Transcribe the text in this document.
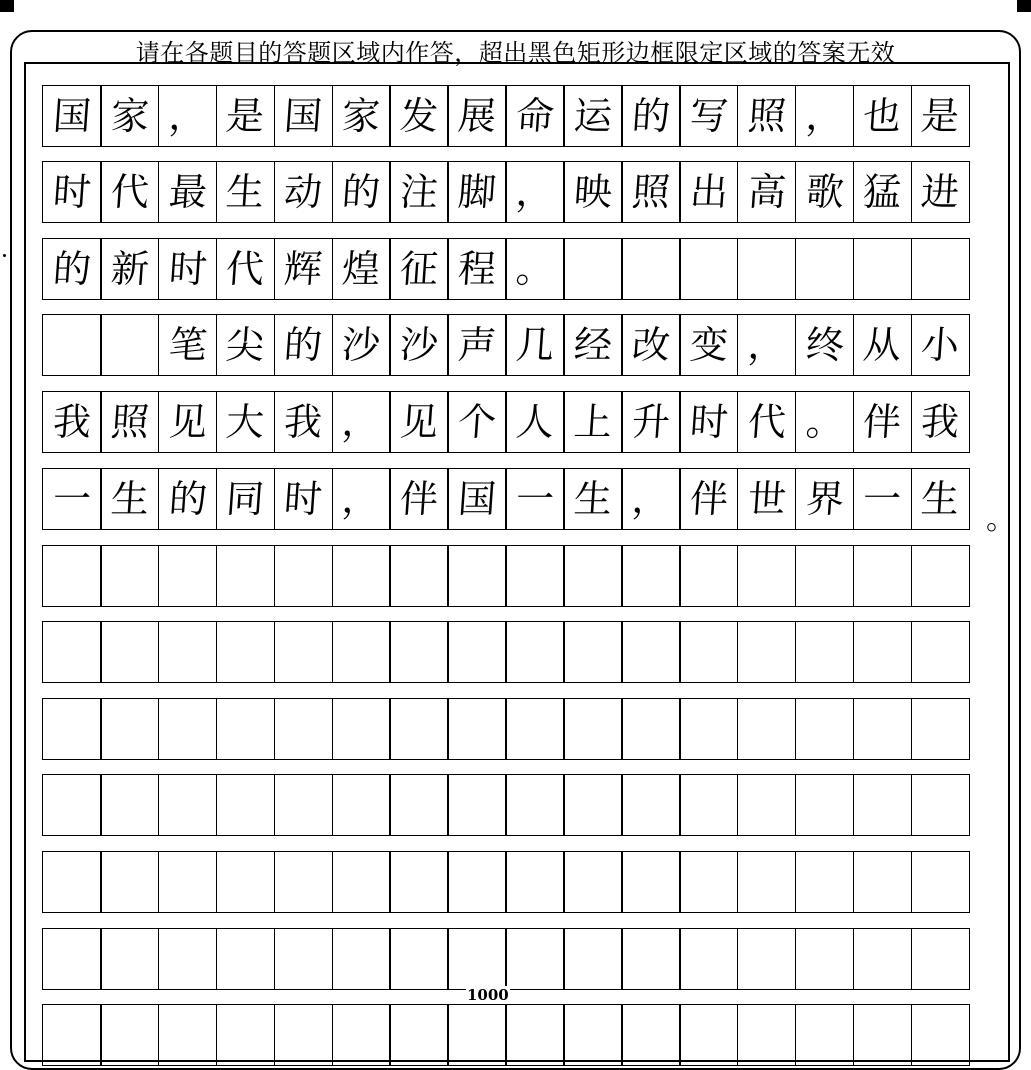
请在各题目的答题区域内作答，超出黑色矩形边框限定区域的答案无效
国 家 ， 是 国 家 发 展 命 运 的 写 照 ， 也 是
时 代 最 生 动 的 注 脚 ， 映 照 出 高 歌 猛 进
的 新 时 代 辉 煌 征 程 。
笔 尖 的 沙 沙 声 几 经 改 变 ， 终 从 小
我 照 见 大 我 ， 见 个 人 上 升 时 代 。 伴 我
一 生 的 同 时 ， 伴 国 一 生 ， 伴 世 界 一 生 。
1000
